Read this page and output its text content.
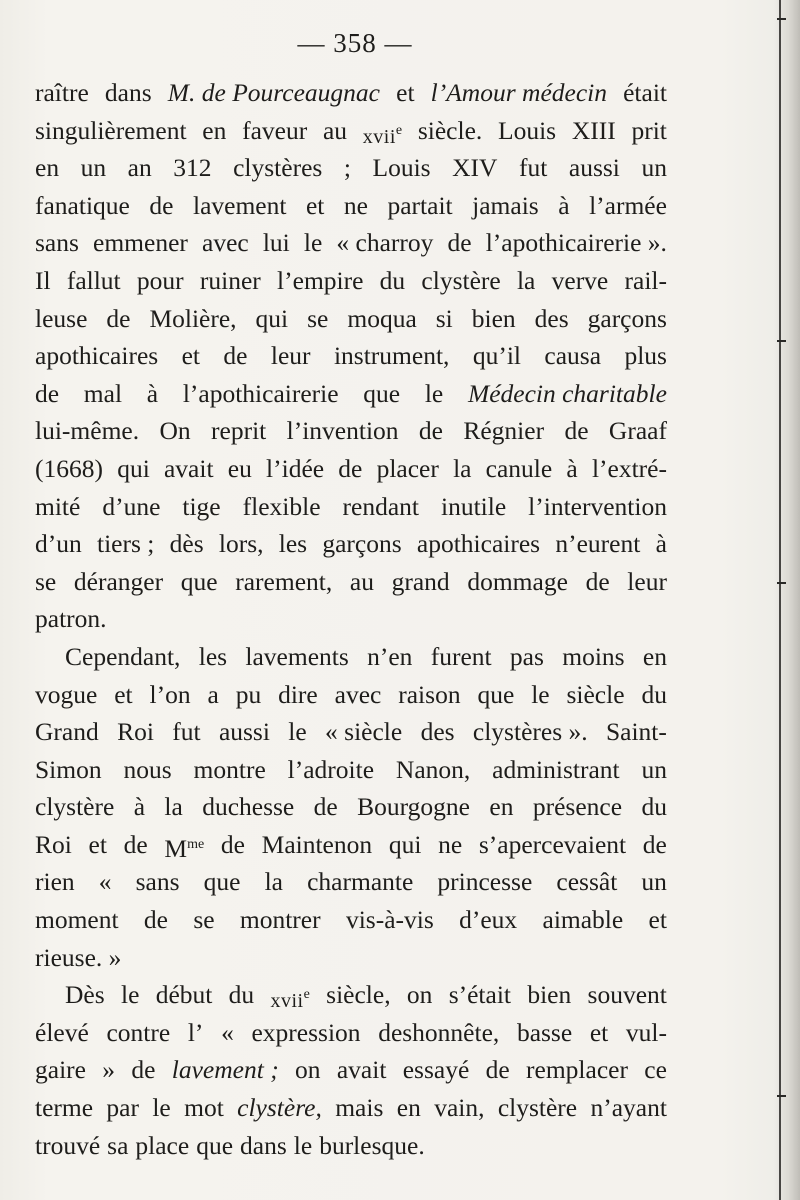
— 358 —
raître dans M. de Pourceaugnac et l’Amour médecin était
singulièrement en faveur au xvii$^e$ siècle. Louis XIII prit
en un an 312 clystères ; Louis XIV fut aussi un
fanatique de lavement et ne partait jamais à l’armée
sans emmener avec lui le « charroy de l’apothicairerie ».
Il fallut pour ruiner l’empire du clystère la verve rail-
leuse de Molière, qui se moqua si bien des garçons
apothicaires et de leur instrument, qu’il causa plus
de mal à l’apothicairerie que le Médecin charitable
lui-même. On reprit l’invention de Régnier de Graaf
(1668) qui avait eu l’idée de placer la canule à l’extré-
mité d’une tige flexible rendant inutile l’intervention
d’un tiers ; dès lors, les garçons apothicaires n’eurent à
se déranger que rarement, au grand dommage de leur
patron.
Cependant, les lavements n’en furent pas moins en
vogue et l’on a pu dire avec raison que le siècle du
Grand Roi fut aussi le « siècle des clystères ». Saint-
Simon nous montre l’adroite Nanon, administrant un
clystère à la duchesse de Bourgogne en présence du
Roi et de $M^{me}$ de Maintenon qui ne s’apercevaient de
rien « sans que la charmante princesse cessât un
moment de se montrer vis-à-vis d’eux aimable et
rieuse. »
Dès le début du xvii$^e$ siècle, on s’était bien souvent
élevé contre l’ « expression deshonnête, basse et vul-
gaire » de lavement ; on avait essayé de remplacer ce
terme par le mot clystère, mais en vain, clystère n’ayant
trouvé sa place que dans le burlesque.
